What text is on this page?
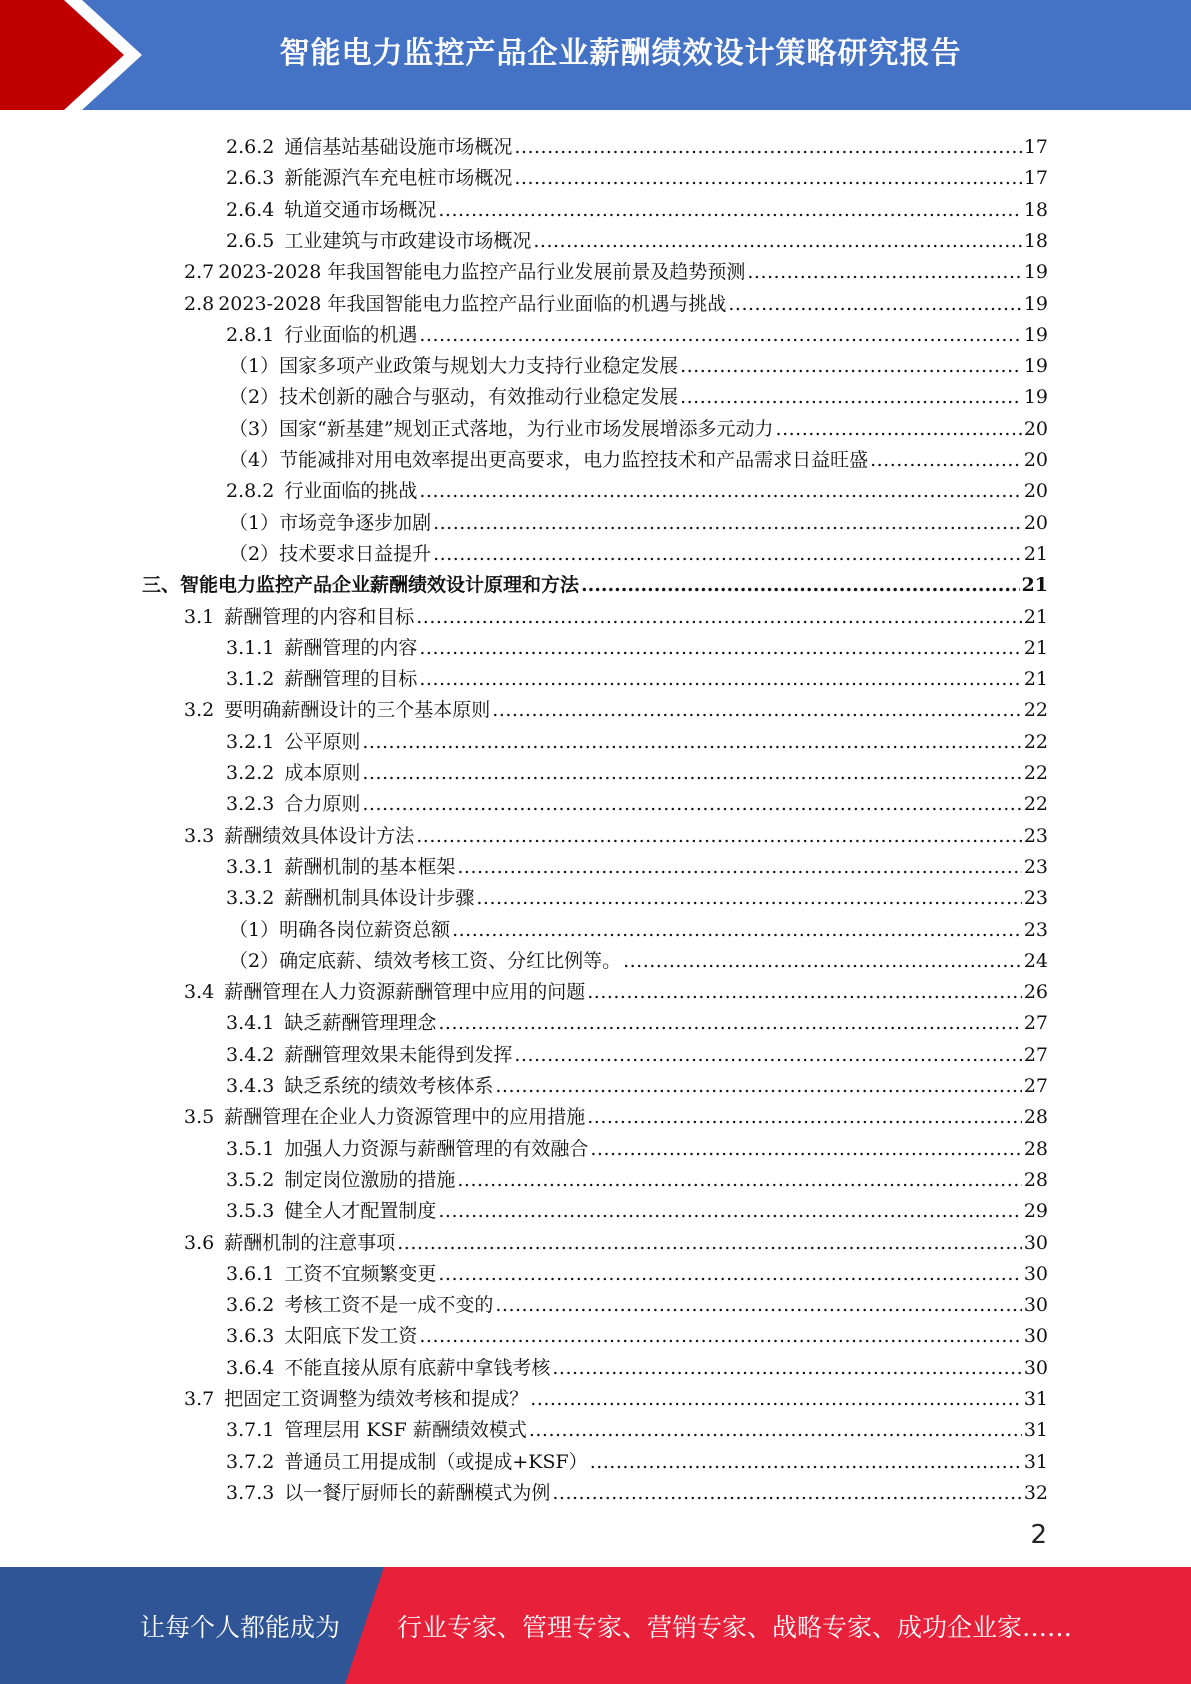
智能电力监控产品企业薪酬绩效设计策略研究报告
2.6.2 通信基站基础设施市场概况 .....	17
2.6.3 新能源汽车充电桩市场概况 .....	17
2.6.4 轨道交通市场概况 .....	18
2.6.5 工业建筑与市政建设市场概况 .....	18
2.7 2023-2028 年我国智能电力监控产品行业发展前景及趋势预测 .....	19
2.8 2023-2028 年我国智能电力监控产品行业面临的机遇与挑战 .....	19
2.8.1 行业面临的机遇 .....	19
（1）国家多项产业政策与规划大力支持行业稳定发展 .....	19
（2）技术创新的融合与驱动，有效推动行业稳定发展 .....	19
（3）国家“新基建”规划正式落地，为行业市场发展增添多元动力 .....	20
（4）节能减排对用电效率提出更高要求，电力监控技术和产品需求日益旺盛 .....	20
2.8.2 行业面临的挑战 .....	20
（1）市场竞争逐步加剧 .....	20
（2）技术要求日益提升 .....	21
三、智能电力监控产品企业薪酬绩效设计原理和方法 .....	21
3.1 薪酬管理的内容和目标 .....	21
3.1.1 薪酬管理的内容 .....	21
3.1.2 薪酬管理的目标 .....	21
3.2 要明确薪酬设计的三个基本原则 .....	22
3.2.1 公平原则 .....	22
3.2.2 成本原则 .....	22
3.2.3 合力原则 .....	22
3.3 薪酬绩效具体设计方法 .....	23
3.3.1 薪酬机制的基本框架 .....	23
3.3.2 薪酬机制具体设计步骤 .....	23
（1）明确各岗位薪资总额 .....	23
（2）确定底薪、绩效考核工资、分红比例等。 .....	24
3.4 薪酬管理在人力资源薪酬管理中应用的问题 .....	26
3.4.1 缺乏薪酬管理理念 .....	27
3.4.2 薪酬管理效果未能得到发挥 .....	27
3.4.3 缺乏系统的绩效考核体系 .....	27
3.5 薪酬管理在企业人力资源管理中的应用措施 .....	28
3.5.1 加强人力资源与薪酬管理的有效融合 .....	28
3.5.2 制定岗位激励的措施 .....	28
3.5.3 健全人才配置制度 .....	29
3.6 薪酬机制的注意事项 .....	30
3.6.1 工资不宜频繁变更 .....	30
3.6.2 考核工资不是一成不变的 .....	30
3.6.3 太阳底下发工资 .....	30
3.6.4 不能直接从原有底薪中拿钱考核 .....	30
3.7 把固定工资调整为绩效考核和提成？ .....	31
3.7.1 管理层用 KSF 薪酬绩效模式 .....	31
3.7.2 普通员工用提成制（或提成+KSF） .....	31
3.7.3 以一餐厅厨师长的薪酬模式为例 .....	32
2
让每个人都能成为 行业专家、管理专家、营销专家、战略专家、成功企业家……
